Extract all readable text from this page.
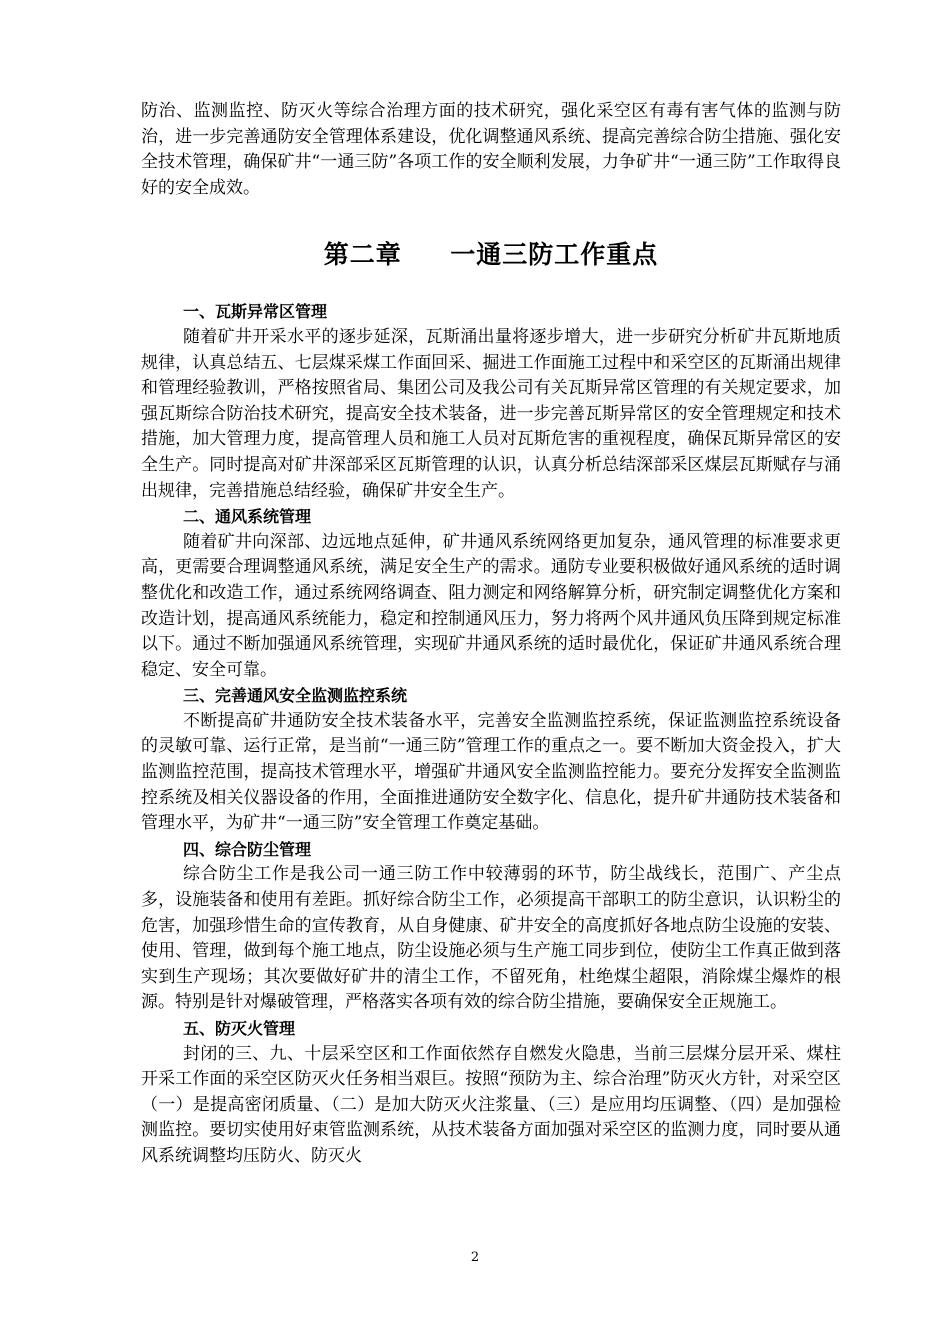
防治、监测监控、防灭火等综合治理方面的技术研究，强化采空区有毒有害气体的监测与防治，进一步完善通防安全管理体系建设，优化调整通风系统、提高完善综合防尘措施、强化安全技术管理，确保矿井“一通三防”各项工作的安全顺利发展，力争矿井“一通三防”工作取得良好的安全成效。

第二章     一通三防工作重点
一、瓦斯异常区管理

随着矿井开采水平的逐步延深，瓦斯涌出量将逐步增大，进一步研究分析矿井瓦斯地质规律，认真总结五、七层煤采煤工作面回采、掘进工作面施工过程中和采空区的瓦斯涌出规律和管理经验教训，严格按照省局、集团公司及我公司有关瓦斯异常区管理的有关规定要求，加强瓦斯综合防治技术研究，提高安全技术装备，进一步完善瓦斯异常区的安全管理规定和技术措施，加大管理力度，提高管理人员和施工人员对瓦斯危害的重视程度，确保瓦斯异常区的安全生产。同时提高对矿井深部采区瓦斯管理的认识，认真分析总结深部采区煤层瓦斯赋存与涌出规律，完善措施总结经验，确保矿井安全生产。

二、通风系统管理

随着矿井向深部、边远地点延伸，矿井通风系统网络更加复杂，通风管理的标准要求更高，更需要合理调整通风系统，满足安全生产的需求。通防专业要积极做好通风系统的适时调整优化和改造工作，通过系统网络调查、阻力测定和网络解算分析，研究制定调整优化方案和改造计划，提高通风系统能力，稳定和控制通风压力，努力将两个风井通风负压降到规定标准以下。通过不断加强通风系统管理，实现矿井通风系统的适时最优化，保证矿井通风系统合理稳定、安全可靠。

三、完善通风安全监测监控系统

不断提高矿井通防安全技术装备水平，完善安全监测监控系统，保证监测监控系统设备的灵敏可靠、运行正常，是当前“一通三防”管理工作的重点之一。要不断加大资金投入，扩大监测监控范围，提高技术管理水平，增强矿井通风安全监测监控能力。要充分发挥安全监测监控系统及相关仪器设备的作用，全面推进通防安全数字化、信息化，提升矿井通防技术装备和管理水平，为矿井“一通三防”安全管理工作奠定基础。

四、综合防尘管理

综合防尘工作是我公司一通三防工作中较薄弱的环节，防尘战线长，范围广、产尘点多，设施装备和使用有差距。抓好综合防尘工作，必须提高干部职工的防尘意识，认识粉尘的危害，加强珍惜生命的宣传教育，从自身健康、矿井安全的高度抓好各地点防尘设施的安装、使用、管理，做到每个施工地点，防尘设施必须与生产施工同步到位，使防尘工作真正做到落实到生产现场；其次要做好矿井的清尘工作，不留死角，杜绝煤尘超限，消除煤尘爆炸的根源。特别是针对爆破管理，严格落实各项有效的综合防尘措施，要确保安全正规施工。

五、防灭火管理

封闭的三、九、十层采空区和工作面依然存自燃发火隐患，当前三层煤分层开采、煤柱开采工作面的采空区防灭火任务相当艰巨。按照“预防为主、综合治理”防灭火方针，对采空区（一）是提高密闭质量、（二）是加大防灭火注浆量、（三）是应用均压调整、（四）是加强检测监控。要切实使用好束管监测系统，从技术装备方面加强对采空区的监测力度，同时要从通风系统调整均压防火、防灭火

2
